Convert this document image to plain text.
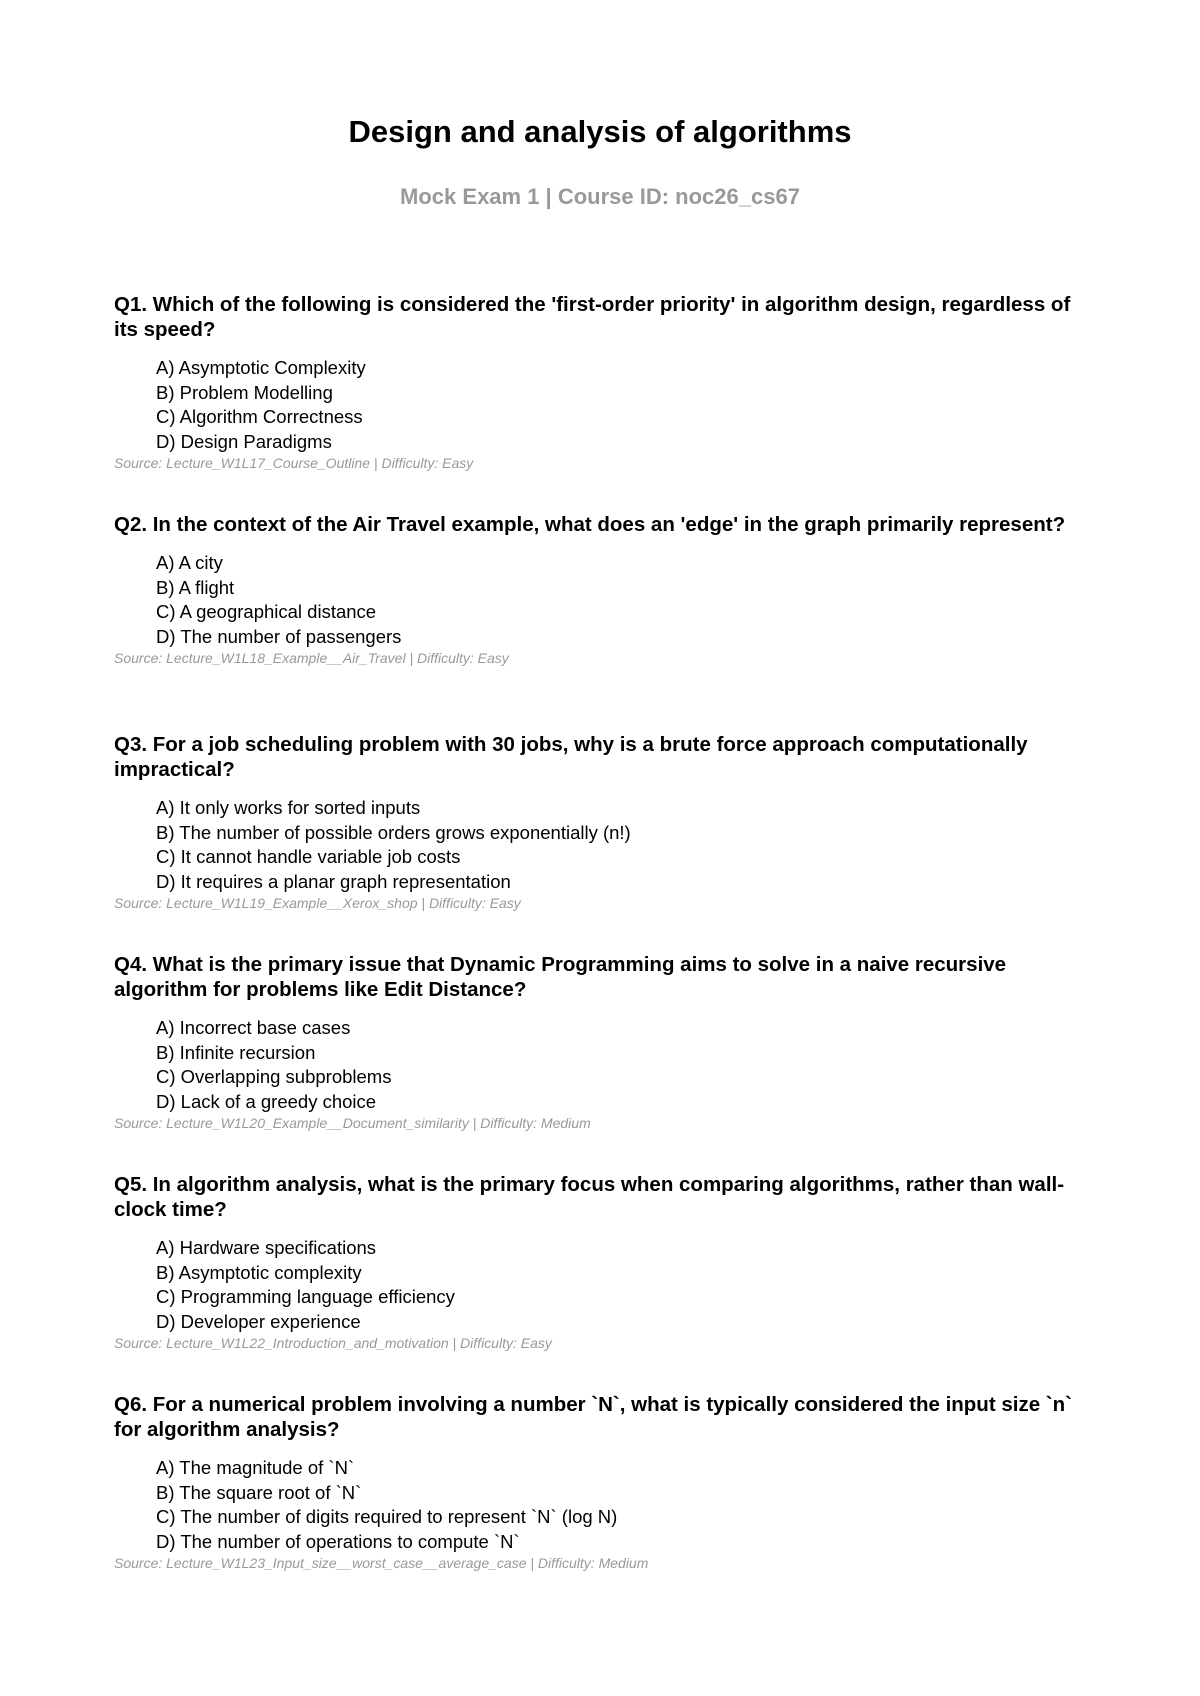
Design and analysis of algorithms
Mock Exam 1 | Course ID: noc26_cs67
Q1. Which of the following is considered the 'first-order priority' in algorithm design, regardless of its speed?
A) Asymptotic Complexity
B) Problem Modelling
C) Algorithm Correctness
D) Design Paradigms
Source: Lecture_W1L17_Course_Outline | Difficulty: Easy
Q2. In the context of the Air Travel example, what does an 'edge' in the graph primarily represent?
A) A city
B) A flight
C) A geographical distance
D) The number of passengers
Source: Lecture_W1L18_Example__Air_Travel | Difficulty: Easy
Q3. For a job scheduling problem with 30 jobs, why is a brute force approach computationally impractical?
A) It only works for sorted inputs
B) The number of possible orders grows exponentially (n!)
C) It cannot handle variable job costs
D) It requires a planar graph representation
Source: Lecture_W1L19_Example__Xerox_shop | Difficulty: Easy
Q4. What is the primary issue that Dynamic Programming aims to solve in a naive recursive algorithm for problems like Edit Distance?
A) Incorrect base cases
B) Infinite recursion
C) Overlapping subproblems
D) Lack of a greedy choice
Source: Lecture_W1L20_Example__Document_similarity | Difficulty: Medium
Q5. In algorithm analysis, what is the primary focus when comparing algorithms, rather than wall-clock time?
A) Hardware specifications
B) Asymptotic complexity
C) Programming language efficiency
D) Developer experience
Source: Lecture_W1L22_Introduction_and_motivation | Difficulty: Easy
Q6. For a numerical problem involving a number `N`, what is typically considered the input size `n` for algorithm analysis?
A) The magnitude of `N`
B) The square root of `N`
C) The number of digits required to represent `N` (log N)
D) The number of operations to compute `N`
Source: Lecture_W1L23_Input_size__worst_case__average_case | Difficulty: Medium
